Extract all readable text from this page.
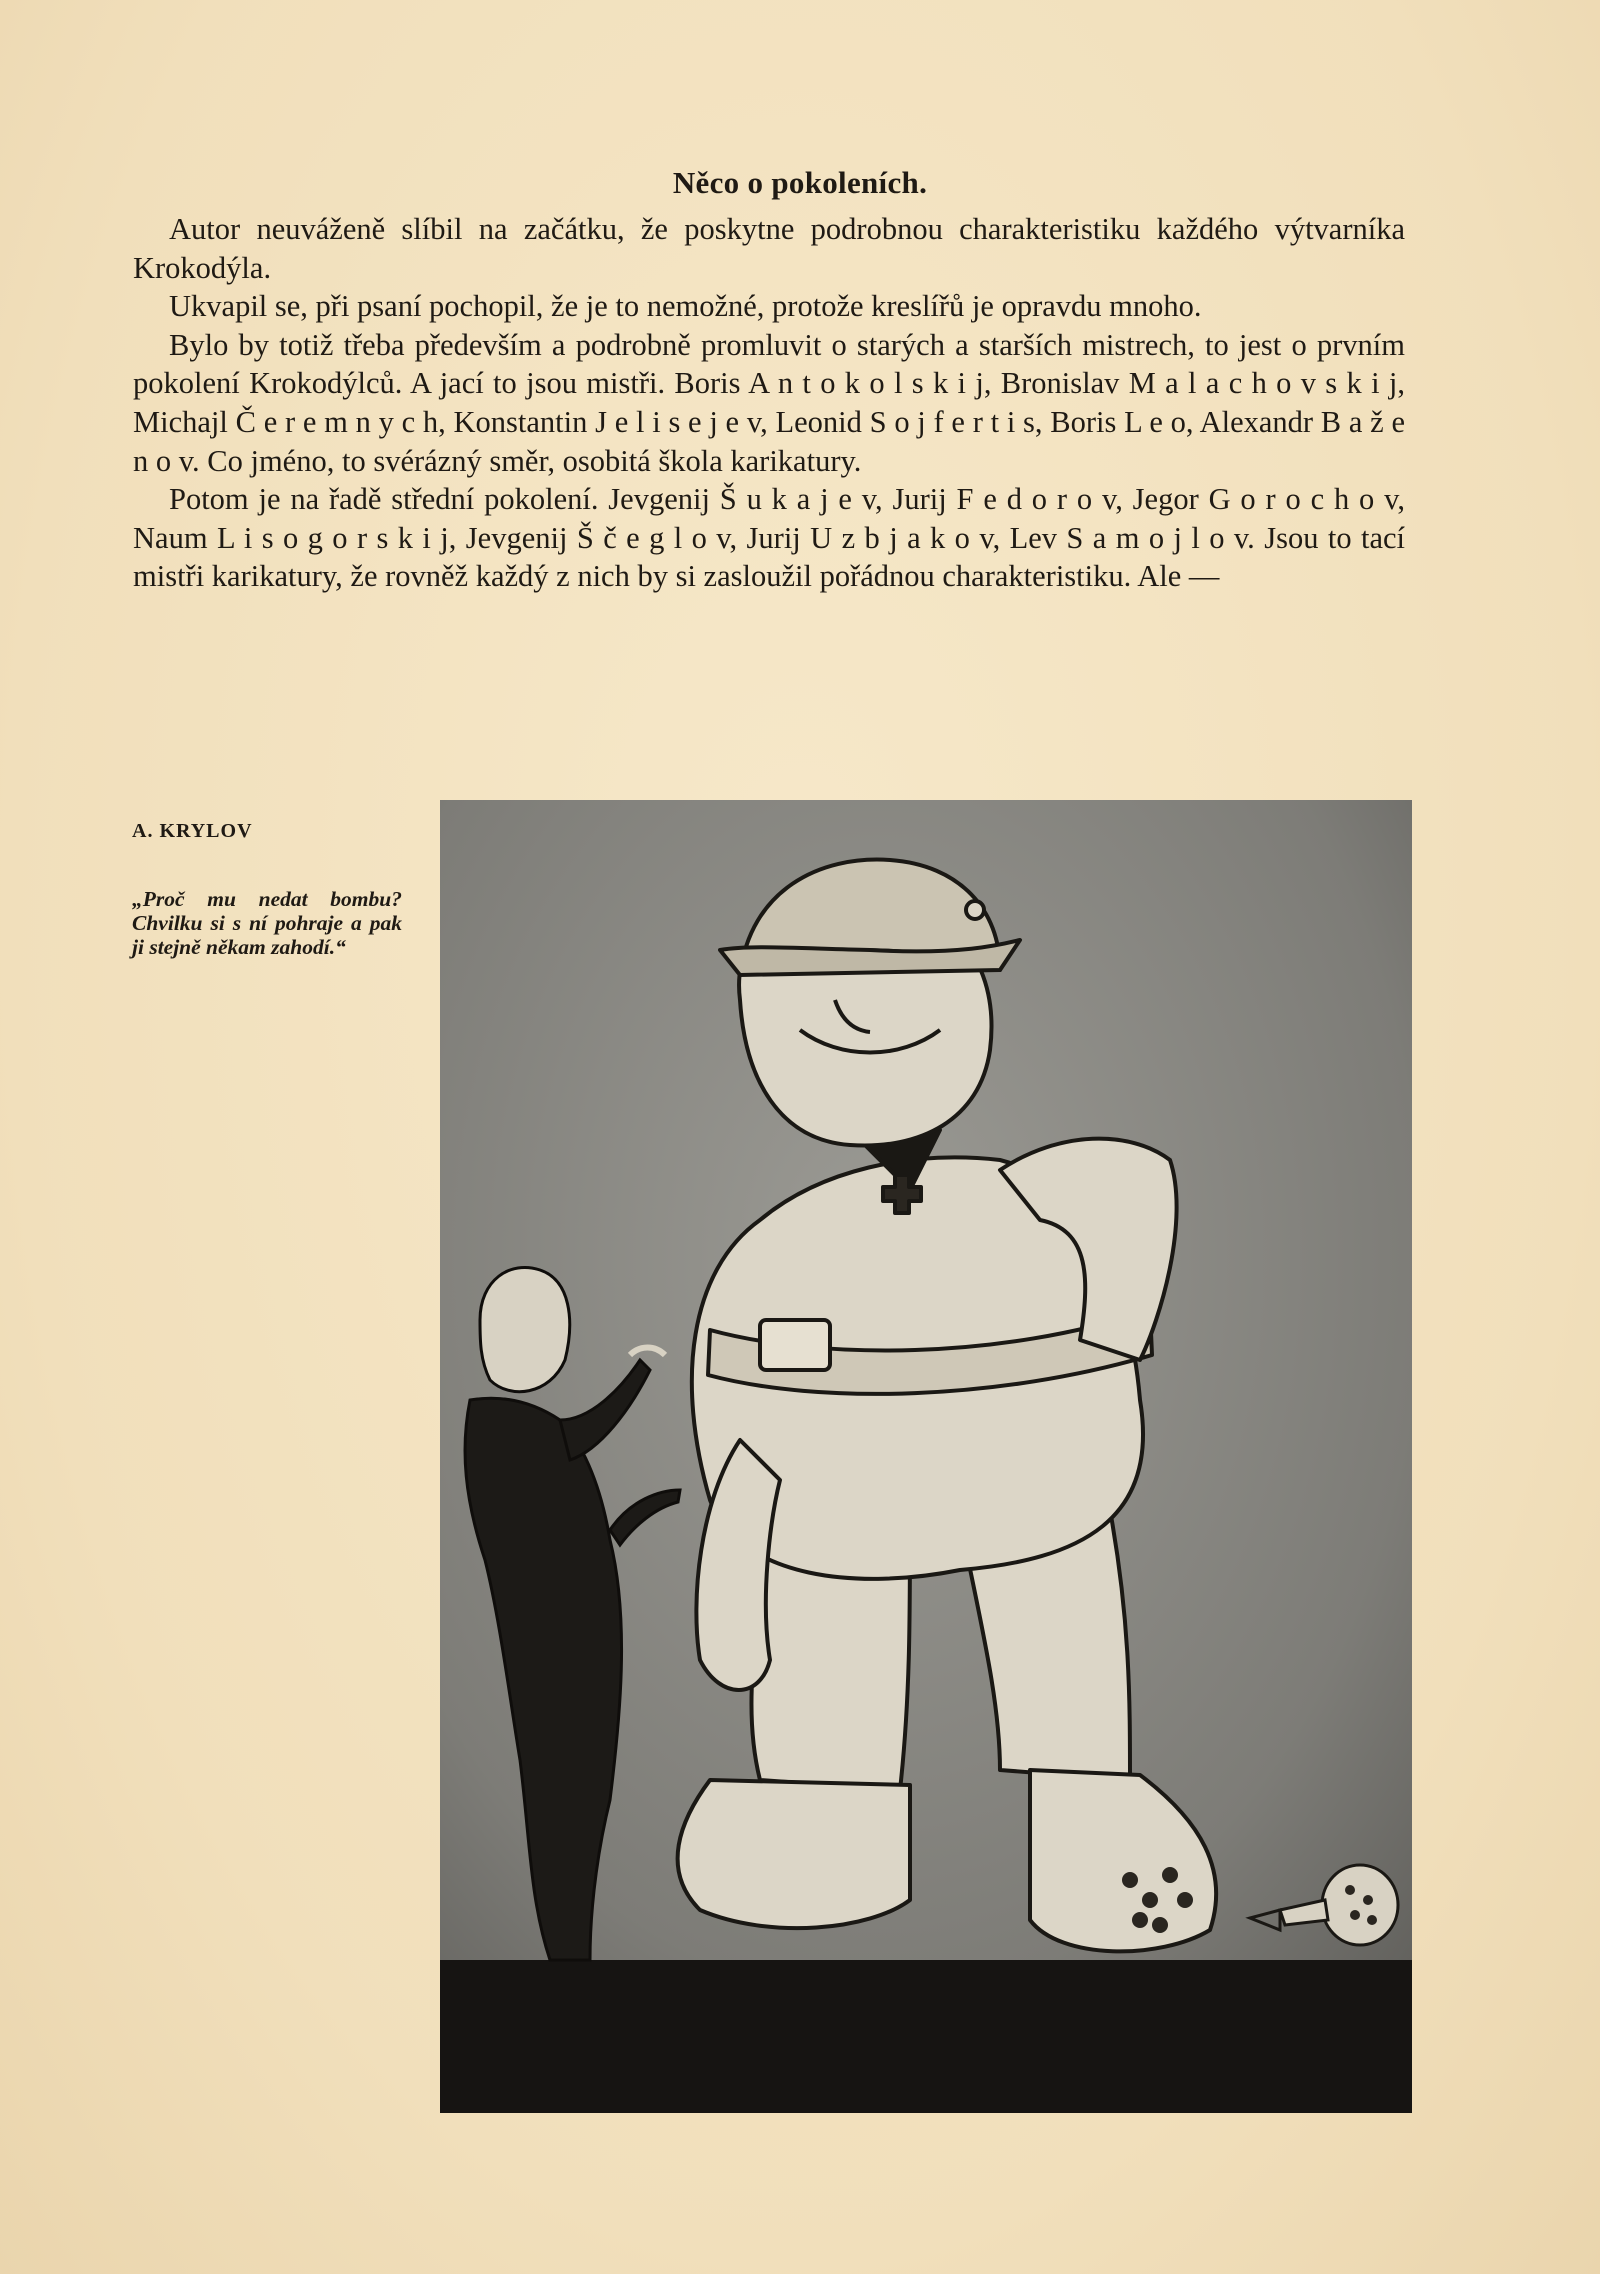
Něco o pokoleních.

Autor neuváženě slíbil na začátku, že poskytne podrobnou charakteristiku každého výtvarníka Krokodýla.

Ukvapil se, při psaní pochopil, že je to nemožné, protože kreslířů je opravdu mnoho.

Bylo by totiž třeba především a podrobně promluvit o starých a starších mistrech, to jest o prvním pokolení Krokodýlců. A jací to jsou mistři. Boris A n t o k o l s k i j, Bronislav M a l a c h o v s k i j, Michajl Č e r e m n y c h, Konstantin J e l i s e j e v, Leonid S o j f e r t i s, Boris L e o, Alexandr B a ž e n o v. Co jméno, to svérázný směr, osobitá škola karikatury.

Potom je na řadě střední pokolení. Jevgenij Š u k a j e v, Jurij F e d o r o v, Jegor G o r o c h o v, Naum L i s o g o r s k i j, Jevgenij Š č e g l o v, Jurij U z b j a k o v, Lev S a m o j l o v. Jsou to tací mistři karikatury, že rovněž každý z nich by si zasloužil pořádnou charakteristiku. Ale —

A. KRYLOV
„Proč mu nedat bombu? Chvilku si s ní pohraje a pak ji stejně někam zahodí.“
